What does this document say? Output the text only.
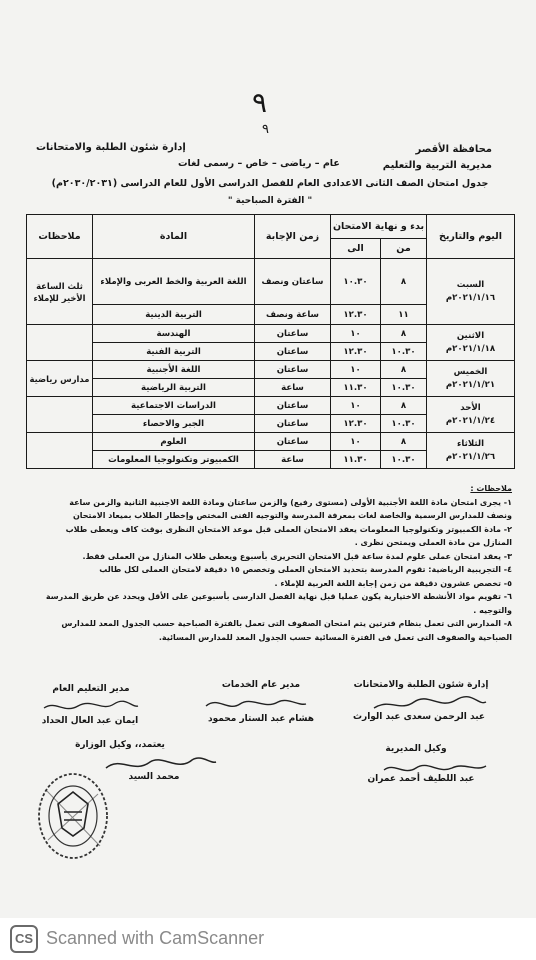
٩
٩
محافظة الأقصر
مديرية التربية والتعليم
إدارة شئون الطلبة والامتحانات
عام – رياضى – خاص – رسمى لغات
جدول امتحان الصف الثانى الاعدادى العام للفصل الدراسى الأول للعام الدراسى (٢٠٣٠/٢٠٣١م)
" الفترة الصباحية "
اليوم والتاريخ	بدء و نهاية الامتحان		زمن الإجابة	المادة	ملاحظات
	من	الى			

السبت
٢٠٢١/١/١٦م	٨	١٠.٣٠	ساعتان ونصف	اللغة العربية والخط العربى والإملاء	ثلث الساعة الأخير للإملاء
	١١	١٢.٣٠	ساعة ونصف	التربية الدينية	

الاثنين
٢٠٢١/١/١٨م	٨	١٠	ساعتان	الهندسة	
	١٠.٣٠	١٢.٣٠	ساعتان	التربية الفنية	

الخميس
٢٠٢١/١/٢١م	٨	١٠	ساعتان	اللغة الأجنبية	مدارس رياضية
	١٠.٣٠	١١.٣٠	ساعة	التربية الرياضية	

الأحد
٢٠٢١/١/٢٤م	٨	١٠	ساعتان	الدراسات الاجتماعية	
	١٠.٣٠	١٢.٣٠	ساعتان	الجبر والاحصاء	

الثلاثاء
٢٠٢١/١/٢٦م	٨	١٠	ساعتان	العلوم	
	١٠.٣٠	١١.٣٠	ساعة	الكمبيوتر وتكنولوجيا المعلومات	
ملاحظات :
١- يجرى امتحان مادة اللغة الأجنبية الأولى (مستوى رفيع) والزمن ساعتان ومادة اللغة الاجنبية الثانية والزمن ساعة
ونصف للمدارس الرسمية والخاصة لغات بمعرفة المدرسة والتوجيه الفنى المختص وإخطار الطلاب بميعاد الامتحان
٢- مادة الكمبيوتر وتكنولوجيا المعلومات يعقد الامتحان العملى قبل موعد الامتحان النظرى بوقت كاف ويعطى طلاب
المنازل من مادة العملى ويمتحن نظرى .
٣- يعقد امتحان عملى علوم لمدة ساعة قبل الامتحان التحريرى بأسبوع ويعطى طلاب المنازل من العملى فقط.
٤- التجريبية الرياضية: تقوم المدرسة بتحديد الامتحان العملى وتخصص ١٥ دقيقة لامتحان العملى لكل طالب
٥- تخصص عشرون دقيقة من زمن إجابة اللغة العربية للإملاء .
٦- تقويم مواد الأنشطة الاختيارية يكون عمليا قبل نهاية الفصل الدارسى بأسبوعين على الأقل ويحدد عن طريق المدرسة
والتوجيه .
٨- المدارس التى تعمل بنظام فترتين يتم امتحان الصفوف التى تعمل بالفترة الصباحية حسب الجدول المعد للمدارس
الصباحية والصفوف التى تعمل فى الفترة المسائية حسب الجدول المعد للمدارس المسائية.
إدارة شئون الطلبة والامتحانات
عبد الرحمن سعدى عبد الوارث
مدير عام الخدمات
هشام عبد الستار محمود
مدير التعليم العام
ايمان عبد العال الحداد
وكيل المديرية
عبد اللطيف أحمد عمران
يعتمد،، وكيل الوزارة
محمد السيد
CS Scanned with CamScanner
